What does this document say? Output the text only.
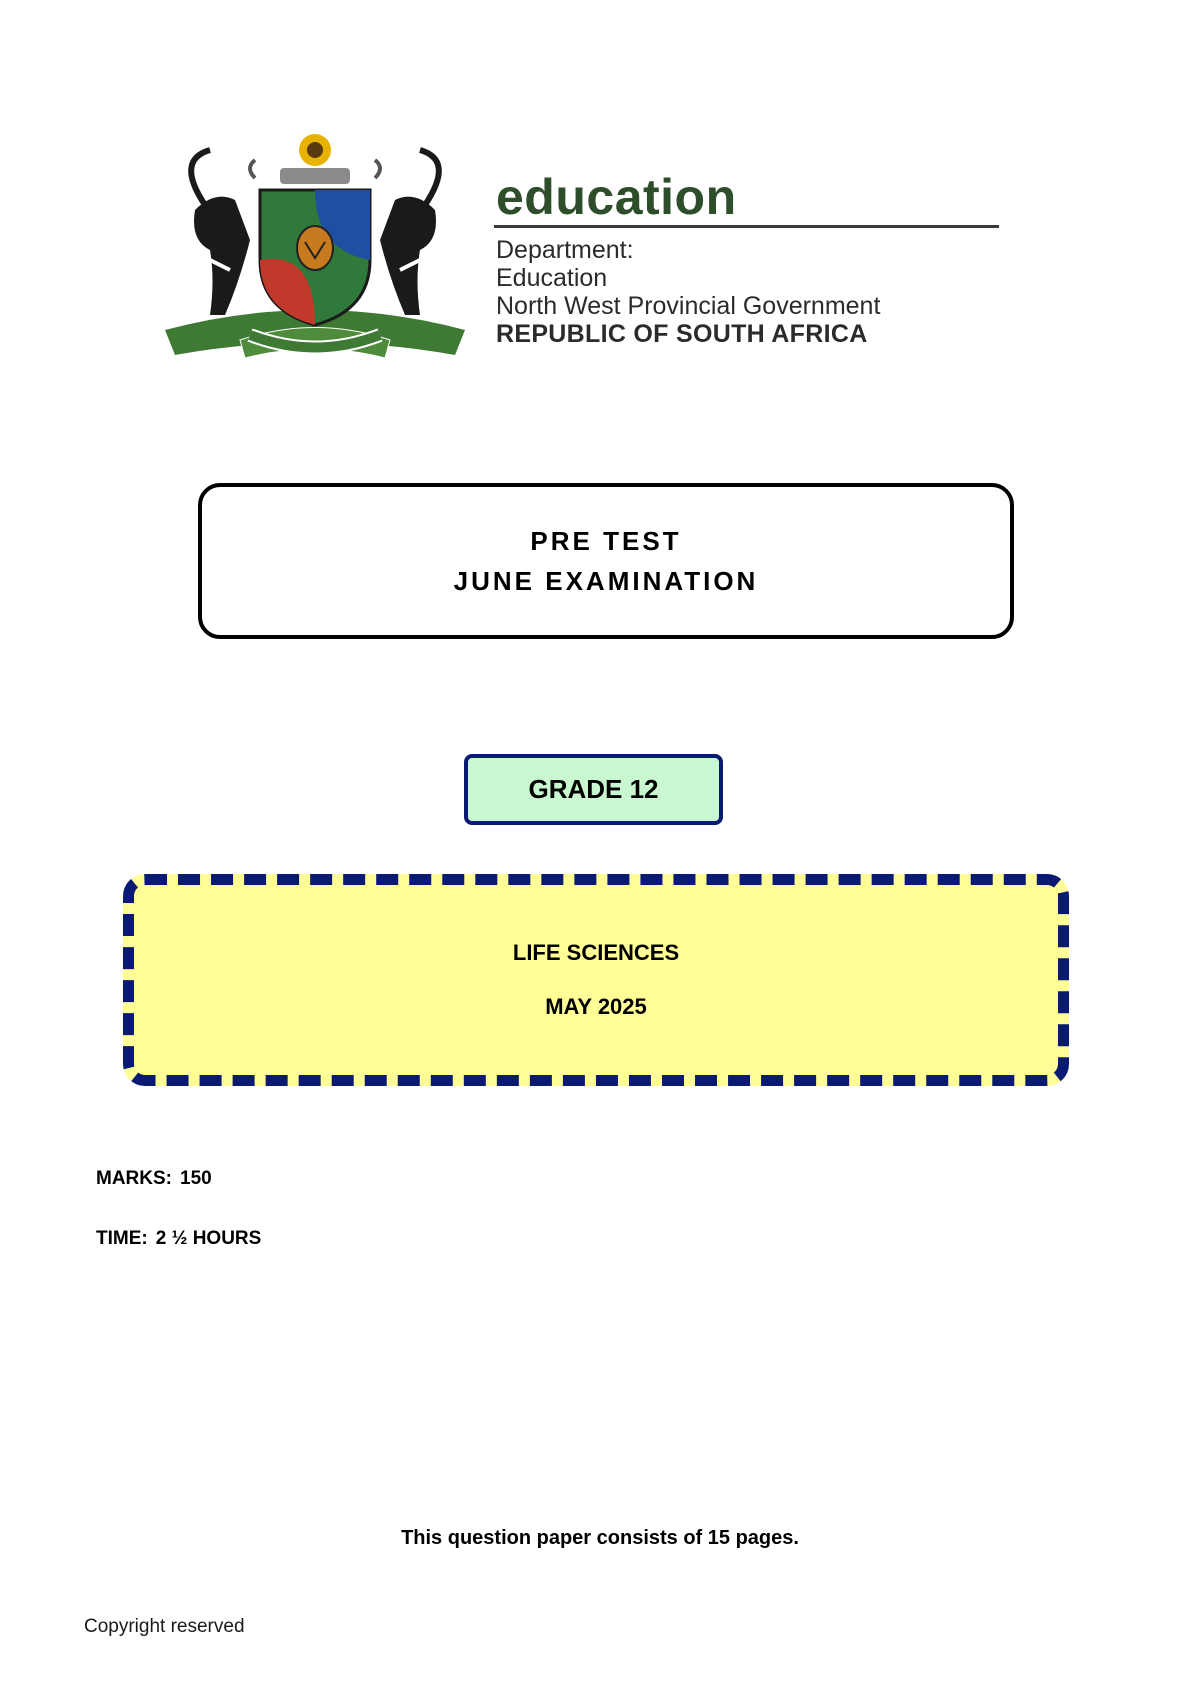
education
Department:
Education
North West Provincial Government
REPUBLIC OF SOUTH AFRICA
PRE TEST
JUNE EXAMINATION
GRADE 12
LIFE SCIENCES
MAY 2025
MARKS: 150
TIME: 2 ½ HOURS
This question paper consists of 15 pages.
Copyright reserved
